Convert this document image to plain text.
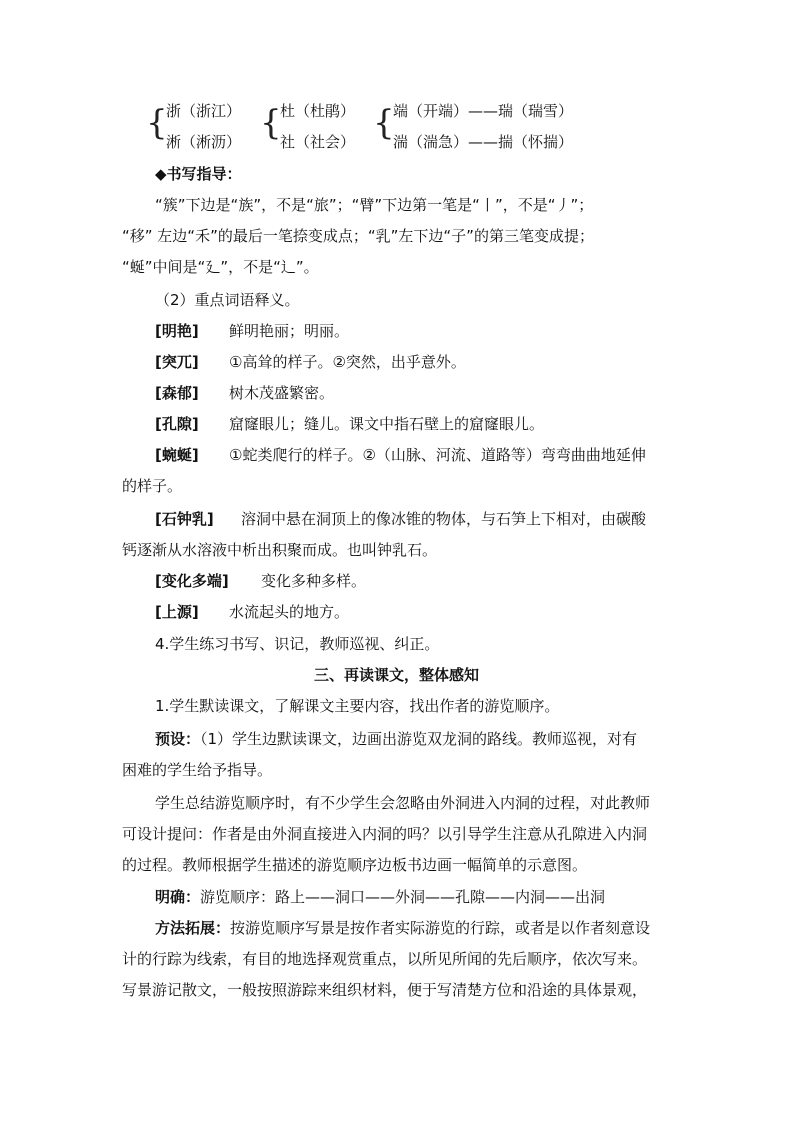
{
浙（浙江）
淅（淅沥） {
杜（杜鹃）
社（社会） {
端（开端）——瑞（瑞雪）
湍（湍急）——揣（怀揣）
◆书写指导：
“簇”下边是“族”，不是“旅”；“臂”下边第一笔是“丨”，不是“丿”；
“移” 左边“禾”的最后一笔捺变成点；“乳”左下边“子”的第三笔变成提；
“蜒”中间是“廴”，不是“辶”。
（2）重点词语释义。
[明艳] 鲜明艳丽；明丽。
[突兀] ①高耸的样子。②突然，出乎意外。
[森郁] 树木茂盛繁密。
[孔隙] 窟窿眼儿；缝儿。课文中指石壁上的窟窿眼儿。
[蜿蜒] ①蛇类爬行的样子。②（山脉、河流、道路等）弯弯曲曲地延伸
的样子。
[石钟乳] 溶洞中悬在洞顶上的像冰锥的物体，与石笋上下相对，由碳酸
钙逐渐从水溶液中析出积聚而成。也叫钟乳石。
[变化多端] 变化多种多样。
[上源] 水流起头的地方。
4.学生练习书写、识记，教师巡视、纠正。
三、再读课文，整体感知
1.学生默读课文，了解课文主要内容，找出作者的游览顺序。
预设：（1）学生边默读课文，边画出游览双龙洞的路线。教师巡视，对有
困难的学生给予指导。
学生总结游览顺序时，有不少学生会忽略由外洞进入内洞的过程，对此教师
可设计提问：作者是由外洞直接进入内洞的吗？以引导学生注意从孔隙进入内洞
的过程。教师根据学生描述的游览顺序边板书边画一幅简单的示意图。
明确：游览顺序：路上——洞口——外洞——孔隙——内洞——出洞
方法拓展：按游览顺序写景是按作者实际游览的行踪，或者是以作者刻意设
计的行踪为线索，有目的地选择观赏重点，以所见所闻的先后顺序，依次写来。
写景游记散文，一般按照游踪来组织材料，便于写清楚方位和沿途的具体景观，
